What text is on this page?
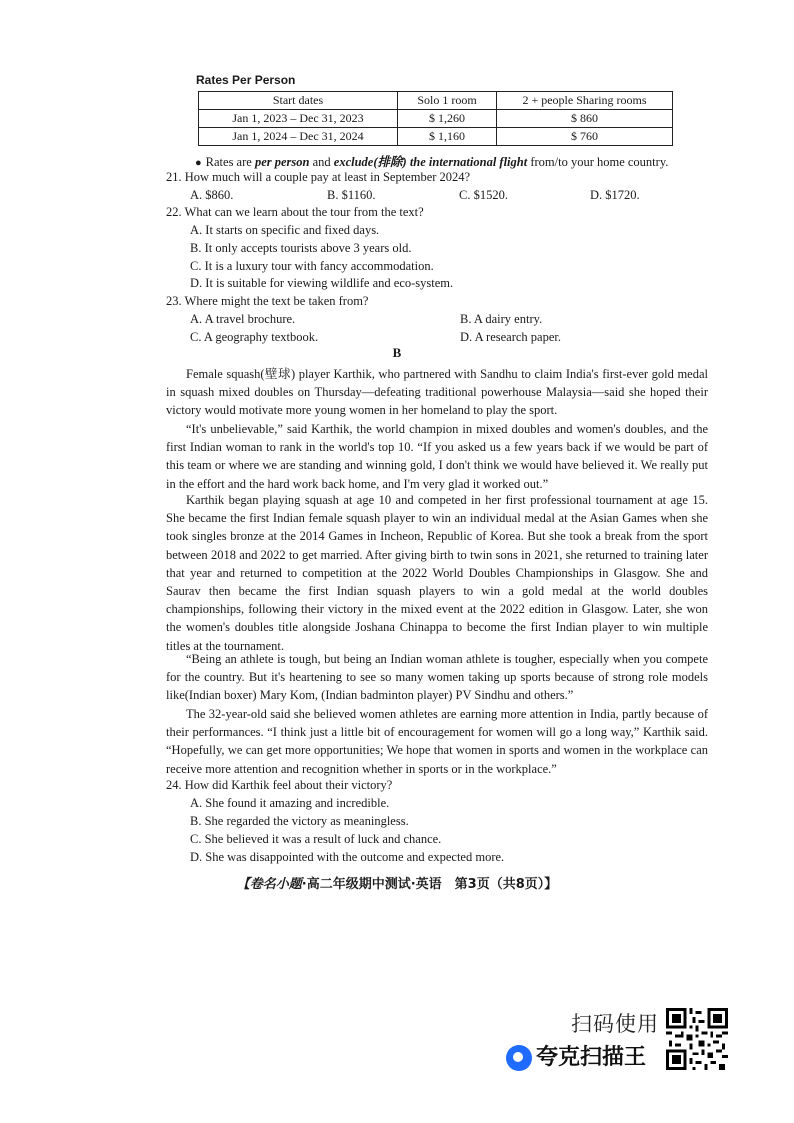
Rates Per Person
Start dates	Solo 1 room	2 + people Sharing rooms
Jan 1, 2023 – Dec 31, 2023	$ 1,260	$ 860
Jan 1, 2024 – Dec 31, 2024	$ 1,160	$ 760
● Rates are per person and exclude(排除) the international flight from/to your home country.
21. How much will a couple pay at least in September 2024?
A. $860.	B. $1160.	C. $1520.	D. $1720.
22. What can we learn about the tour from the text?
A. It starts on specific and fixed days.
B. It only accepts tourists above 3 years old.
C. It is a luxury tour with fancy accommodation.
D. It is suitable for viewing wildlife and eco-system.
23. Where might the text be taken from?
A. A travel brochure.	B. A dairy entry.
C. A geography textbook.	D. A research paper.
B

Female squash(壁球) player Karthik, who partnered with Sandhu to claim India's first-ever gold medal in squash mixed doubles on Thursday—defeating traditional powerhouse Malaysia—said she hoped their victory would motivate more young women in her homeland to play the sport.

“It's unbelievable,” said Karthik, the world champion in mixed doubles and women's doubles, and the first Indian woman to rank in the world's top 10. “If you asked us a few years back if we would be part of this team or where we are standing and winning gold, I don't think we would have believed it. We really put in the effort and the hard work back home, and I'm very glad it worked out.”

Karthik began playing squash at age 10 and competed in her first professional tournament at age 15. She became the first Indian female squash player to win an individual medal at the Asian Games when she took singles bronze at the 2014 Games in Incheon, Republic of Korea. But she took a break from the sport between 2018 and 2022 to get married. After giving birth to twin sons in 2021, she returned to training later that year and returned to competition at the 2022 World Doubles Championships in Glasgow. She and Saurav then became the first Indian squash players to win a gold medal at the world doubles championships, following their victory in the mixed event at the 2022 edition in Glasgow. Later, she won the women's doubles title alongside Joshana Chinappa to become the first Indian player to win multiple titles at the tournament.

“Being an athlete is tough, but being an Indian woman athlete is tougher, especially when you compete for the country. But it's heartening to see so many women taking up sports because of strong role models like(Indian boxer) Mary Kom, (Indian badminton player) PV Sindhu and others.”

The 32-year-old said she believed women athletes are earning more attention in India, partly because of their performances. “I think just a little bit of encouragement for women will go a long way,” Karthik said. “Hopefully, we can get more opportunities; We hope that women in sports and women in the workplace can receive more attention and recognition whether in sports or in the workplace.”

24. How did Karthik feel about their victory?
A. She found it amazing and incredible.
B. She regarded the victory as meaningless.
C. She believed it was a result of luck and chance.
D. She was disappointed with the outcome and expected more.
【卷名小题·高二年级期中测试·英语　第3页（共8页）】
扫码使用
夸克扫描王
